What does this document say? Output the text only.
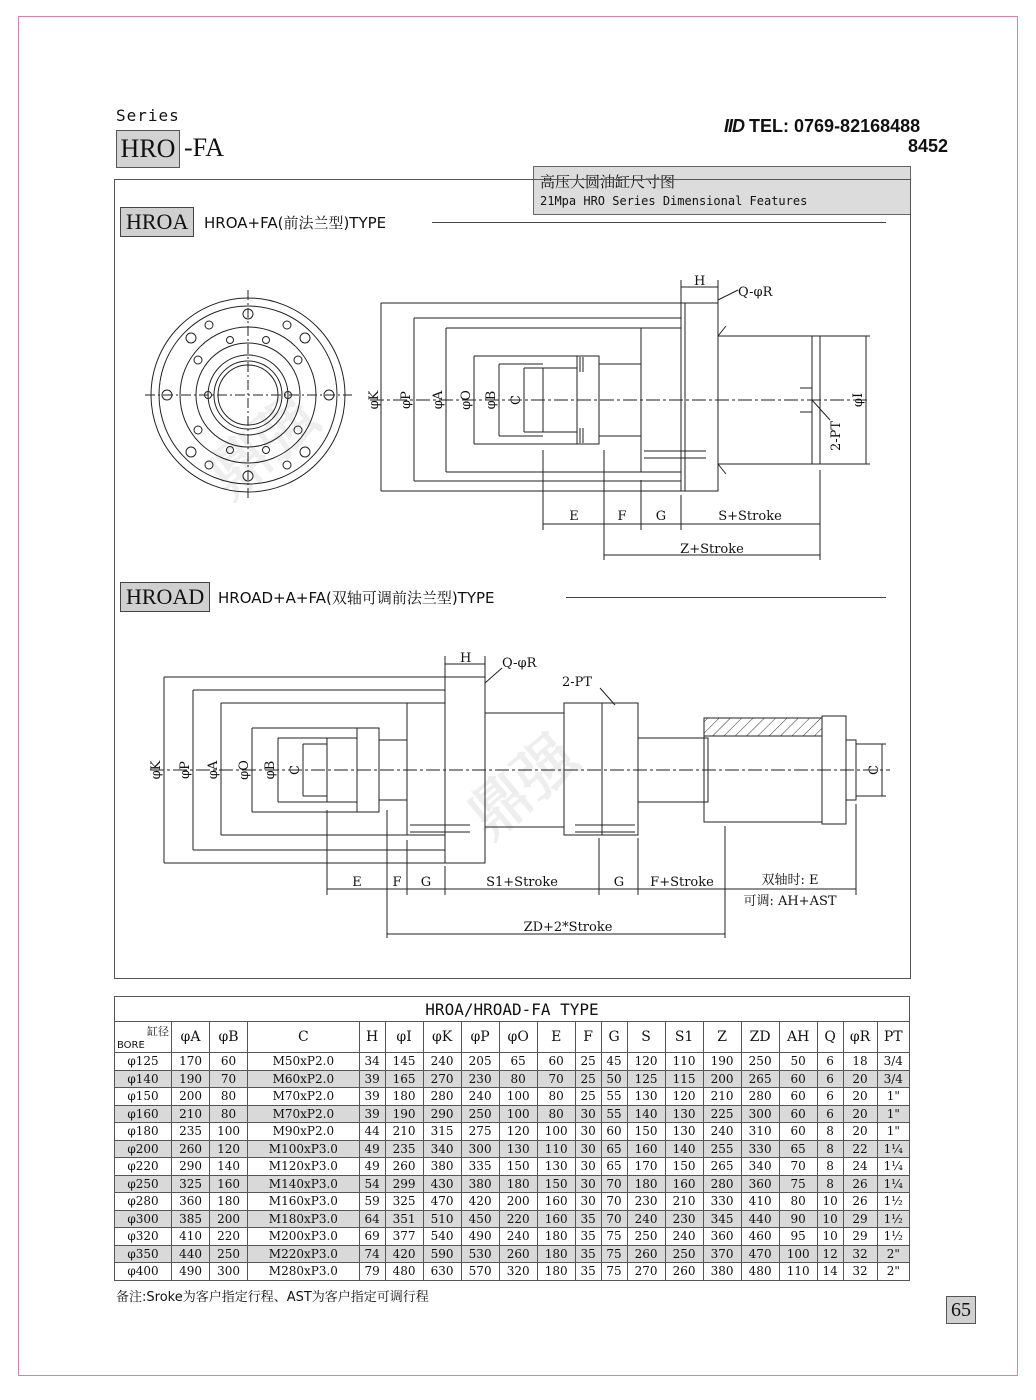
Series
HRO -FA
IID TEL: 0769-82168488
8452
高压大圆油缸尺寸图
21Mpa HRO Series Dimensional Features
HROA	HROA+FA(前法兰型)TYPE
HROAD HROAD+A+FA(双轴可调前法兰型)TYPE
鼎强
鼎强
H
Q-φR
φK φP φA φO φB C	φI
2-PT
E	F G	S+Stroke
Z+Stroke
H Q-φR
2-PT
φK φP φA φO φB C	C
E F G	S1+Stroke	G F+Stroke	双轴时: E
可调: AH+AST
ZD+2*Stroke
HROA/HROAD-FA TYPE																			

缸径
BORE	φA	φB	C	H	φI	φK	φP	φO	E	F	G	S	S1	Z	ZD	AH	Q	φR	PT
φ125	170	60	M50xP2.0	34	145	240	205	65	60	25	45	120	110	190	250	50	6	18	3/4
φ140	190	70	M60xP2.0	39	165	270	230	80	70	25	50	125	115	200	265	60	6	20	3/4
φ150	200	80	M70xP2.0	39	180	280	240	100	80	25	55	130	120	210	280	60	6	20	1"
φ160	210	80	M70xP2.0	39	190	290	250	100	80	30	55	140	130	225	300	60	6	20	1"
φ180	235	100	M90xP2.0	44	210	315	275	120	100	30	60	150	130	240	310	60	8	20	1"
φ200	260	120	M100xP3.0	49	235	340	300	130	110	30	65	160	140	255	330	65	8	22	1¼
φ220	290	140	M120xP3.0	49	260	380	335	150	130	30	65	170	150	265	340	70	8	24	1¼
φ250	325	160	M140xP3.0	54	299	430	380	180	150	30	70	180	160	280	360	75	8	26	1¼
φ280	360	180	M160xP3.0	59	325	470	420	200	160	30	70	230	210	330	410	80	10	26	1½
φ300	385	200	M180xP3.0	64	351	510	450	220	160	35	70	240	230	345	440	90	10	29	1½
φ320	410	220	M200xP3.0	69	377	540	490	240	180	35	75	250	240	360	460	95	10	29	1½
φ350	440	250	M220xP3.0	74	420	590	530	260	180	35	75	260	250	370	470	100	12	32	2"
φ400	490	300	M280xP3.0	79	480	630	570	320	180	35	75	270	260	380	480	110	14	32	2"
备注:Sroke为客户指定行程、AST为客户指定可调行程
65
